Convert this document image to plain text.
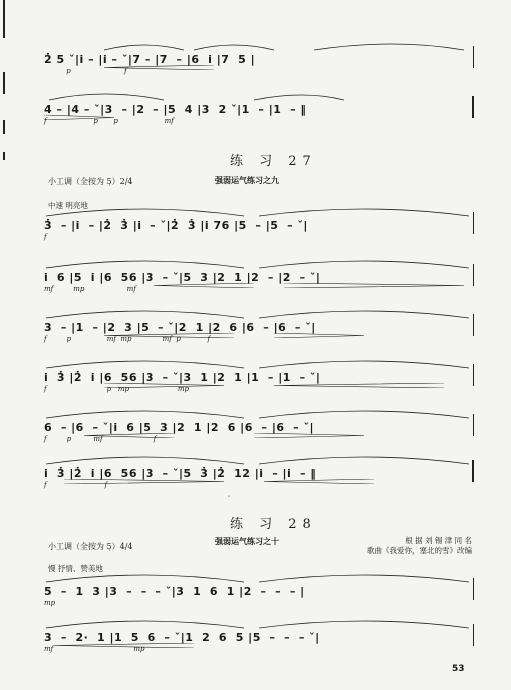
2̇ 5 ˇ|i̇ – |i̇ – ˇ|7 – |7  – |6  i̇ |7  5 |
p                        f
4 – |4 – ˇ|3  – |2  – |5  4 |3  2 ˇ|1  – |1  – ‖
f                     p       p                     mf
练 习 27
小工调（全按为 5̣）2/4	强弱运气练习之九
中速 明亮地
3̇  – |i̇  – |2̇  3̇ |i̇  – ˇ|2̇  3̇ |i̇ 76 |5  – |5  – ˇ|
f
i̇  6 |5  i̇ |6  56 |3  – ˇ|5  3 |2  1 |2  – |2  – ˇ|
mf         mp                   mf
3  – |1  – |2  3 |5  – ˇ|2  1 |2  6 |6  – |6  – ˇ|
f         p                mf  mp              mf  p            f
i̇  3̇ |2̇  i̇ |6  56 |3  – ˇ|3  1 |2  1 |1  – |1  – ˇ|
f                           p   mp                      mp
6  – |6  – ˇ|i̇  6 |5  3 |2  1 |2  6 |6  – |6  – ˇ|
f         p          mf                       f
i̇  3̇ |2̇  i̇ |6  56 |3  – ˇ|5  3̇ |2̇  12 |i̇  – |i̇  – ‖
f                          f
ˌ
练 习 28
小工调（全按为 5̣）4/4
强弱运气练习之十	根 据 刘 锡 津 同 名
歌曲《我爱你，塞北的雪》改编
慢 抒情、赞美地
5  –  1  3 |3  –  –  – ˇ|3  1  6  1 |2  –  –  – |
mp
3  –  2·  1 |1  5  6  – ˇ|1  2  6  5 |5  –  –  – ˇ|
mf                                    mp
53
